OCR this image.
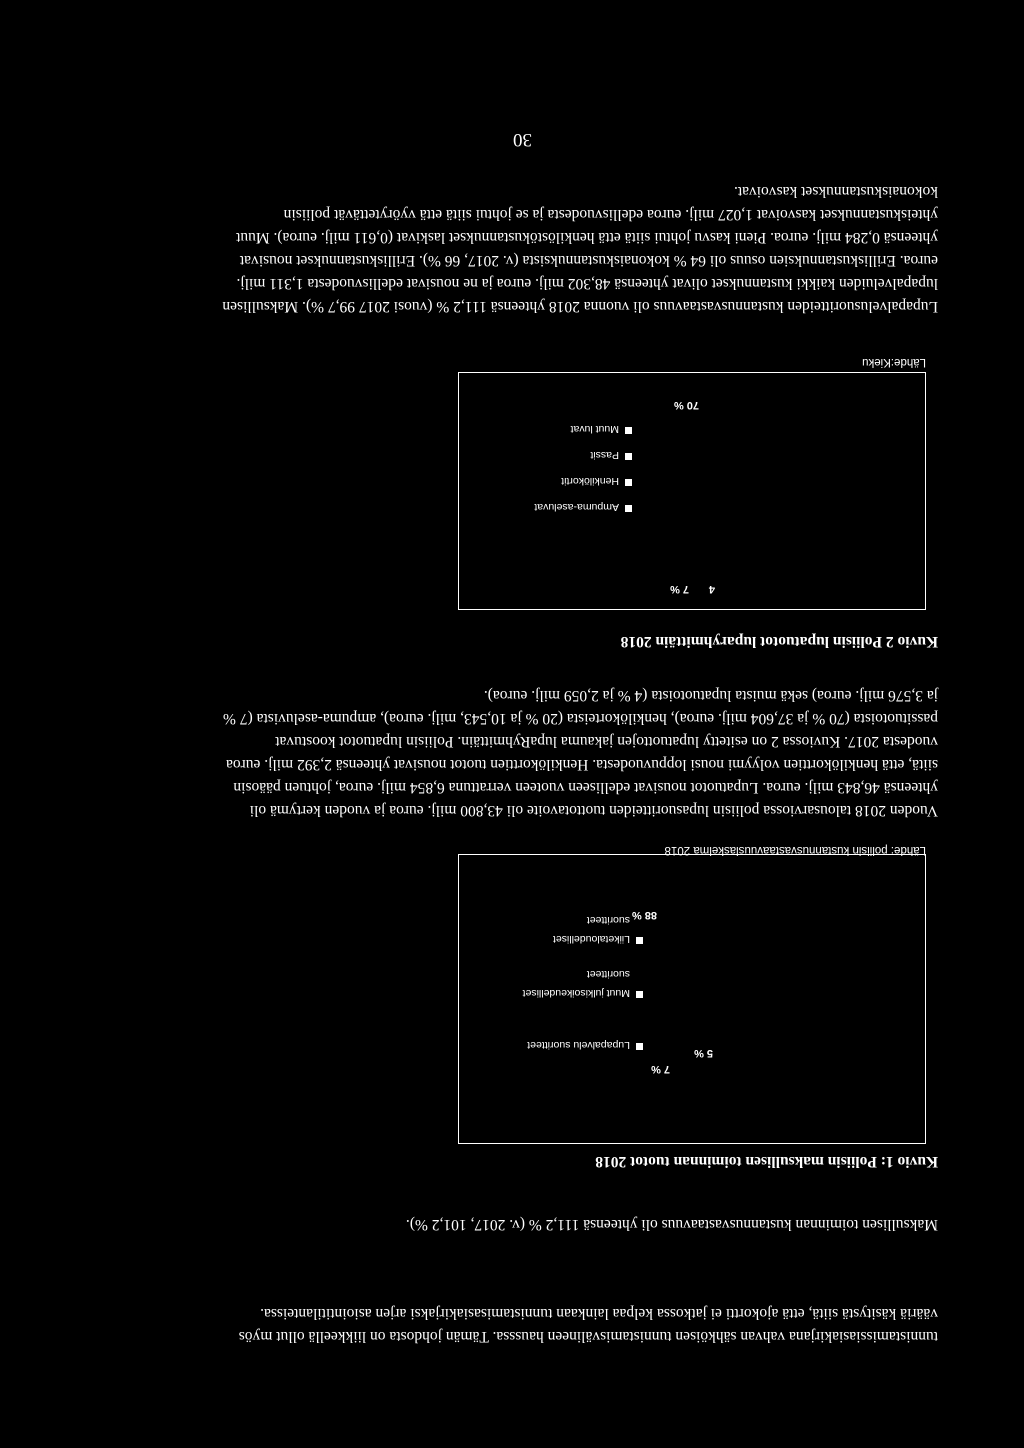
tunnistamissiasiakirjana vahvan sähköisen tunnistamisvälineen hausssa. Tämän johdosta on liikkeellä ollut myös
vääriä käsitystä siitä, että ajokortti ei jatkossa kelpaa lainkaan tunnistamisasiakirjaksi arjen asiointitilanteissa.

Maksullisen toiminnan kustannusvastaavuus oli yhteensä 111,2 % (v. 2017, 101,2 %).

Kuvio 1: Poliisin maksullisen toiminnan tuotot 2018
7 %
5 %
Lupapalvelu suoritteet
Muut julkisoikeudelliset
suoritteet
Liiketaloudelliset
suoritteet 88 %
Lähde: poliisin kustannusvastaavuuslaskelma 2018

Vuoden 2018 talousarviossa poliisin lupasuoritteiden tuottotavoite oli 43,800 milj. euroa ja vuoden kertymä oli
yhteensä 46,843 milj. euroa. Lupatuotot nousivat edelliseen vuoteen verrattuna 6,854 milj. euroa, johtuen pääosin
siitä, että henkilökorttien volyymi nousi loppuvuodesta. Henkilökorttien tuotot nousivat yhteensä 2,392 milj. euroa
vuodesta 2017. Kuviossa 2 on esitetty lupatuottojen jakauma lupaRyhmittäin. Poliisin lupatuotot koostuvat
passituotoista (70 % ja 37,604 milj. euroa), henkilökorteista (20 % ja 10,543, milj. euroa), ampuma-aseluvista (7 %
ja 3,576 milj. euroa) sekä muista lupatuotoista (4 % ja 2,059 milj. euroa).

Kuvio 2 Poliisin lupatuotot luparyhmittäin 2018
4
7 %
Ampuma-aseluvat
Henkilökortit
Passit
Muut luvat
70 %
Lähde:Kieku

Lupapalvelusuoritteiden kustannusvastaavuus oli vuonna 2018 yhteensä 111,2 % (vuosi 2017 99,7 %). Maksullisen
lupapalveluiden kaikki kustannukset olivat yhteensä 48,302 milj. euroa ja ne nousivat edellisvuodesta 1,311 milj.
euroa. Erilliskustannuksien osuus oli 64 % kokonaiskustannuksista (v. 2017, 66 %). Erilliskustannukset nousivat
yhteensä 0,284 milj. euroa. Pieni kasvu johtui siitä että henkilöstökustannukset laskivat (0,611 milj. euroa). Muut
yhteiskustannukset kasvoivat 1,027 milj. euroa edellisvuodesta ja se johtui siitä että vyörytettävät poliisin
kokonaiskustannukset kasvoivat.

30
